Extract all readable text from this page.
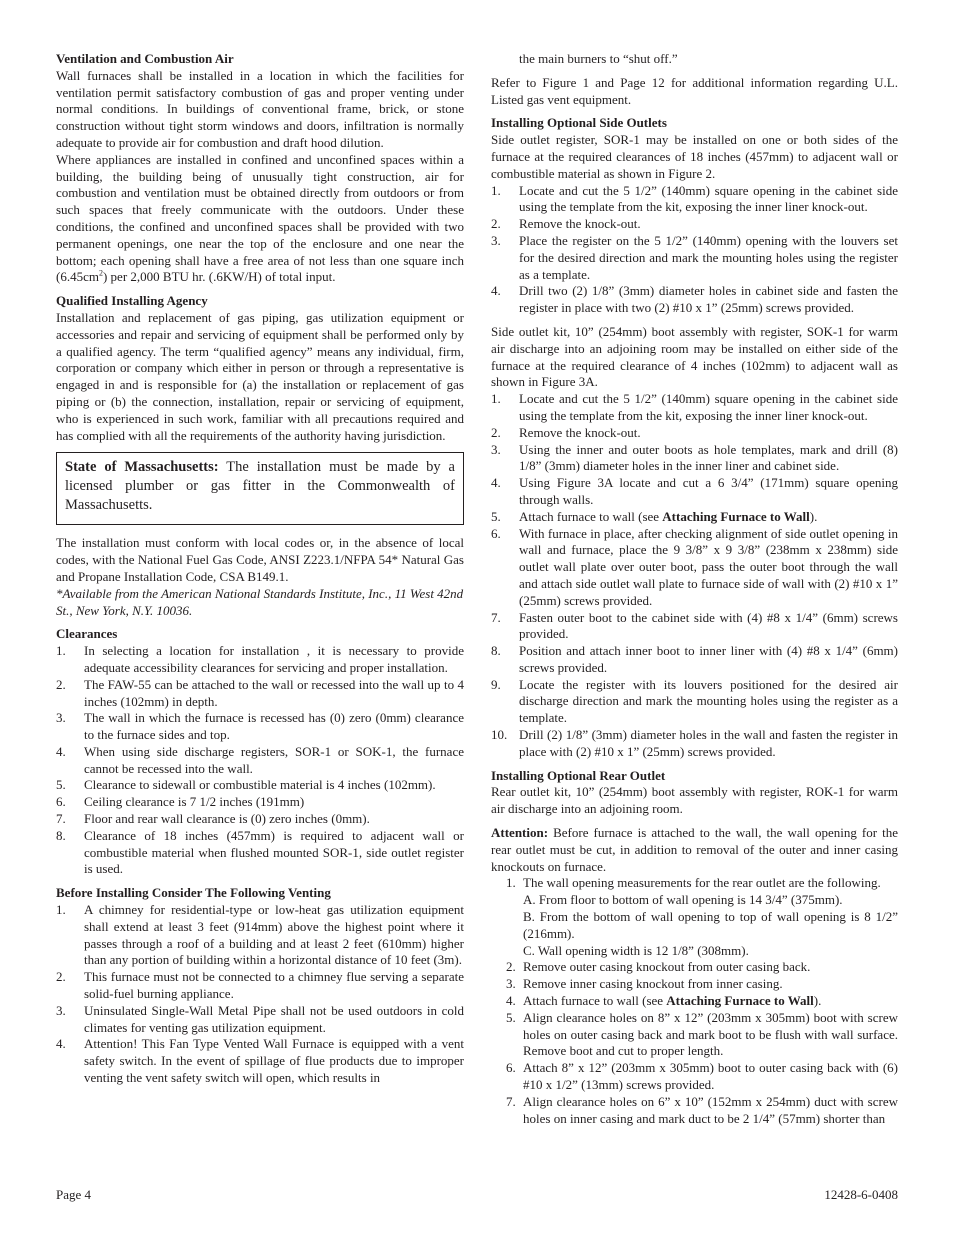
Ventilation and Combustion Air

Wall furnaces shall be installed in a location in which the facilities for ventilation permit satisfactory combustion of gas and proper venting under normal conditions. In buildings of conventional frame, brick, or stone construction without tight storm windows and doors, infiltration is normally adequate to provide air for combustion and draft hood dilution.

Where appliances are installed in confined and unconfined spaces within a building, the building being of unusually tight construction, air for combustion and ventilation must be obtained directly from outdoors or from such spaces that freely communicate with the outdoors. Under these conditions, the confined and unconfined spaces shall be provided with two permanent openings, one near the top of the enclosure and one near the bottom; each opening shall have a free area of not less than one square inch $(6.45cm^2)$ per 2,000 BTU hr. (.6KW/H) of total input.

Qualified Installing Agency

Installation and replacement of gas piping, gas utilization equipment or accessories and repair and servicing of equipment shall be performed only by a qualified agency. The term “qualified agency” means any individual, firm, corporation or company which either in person or through a representative is engaged in and is responsible for (a) the installation or replacement of gas piping or (b) the connection, installation, repair or servicing of equipment, who is experienced in such work, familiar with all precautions required and has complied with all the requirements of the authority having jurisdiction.

State of Massachusetts: The installation must be made by a licensed plumber or gas fitter in the Commonwealth of Massachusetts.

The installation must conform with local codes or, in the absence of local codes, with the National Fuel Gas Code, ANSI Z223.1/NFPA 54* Natural Gas and Propane Installation Code, CSA B149.1.

*Available from the American National Standards Institute, Inc., 11 West 42nd St., New York, N.Y. 10036.

Clearances

1. In selecting a location for installation , it is necessary to provide adequate accessibility clearances for servicing and proper installation.
2. The FAW-55 can be attached to the wall or recessed into the wall up to 4 inches (102mm) in depth.
3. The wall in which the furnace is recessed has (0) zero (0mm) clearance to the furnace sides and top.
4. When using side discharge registers, SOR-1 or SOK-1, the furnace cannot be recessed into the wall.
5. Clearance to sidewall or combustible material is 4 inches (102mm).
6. Ceiling clearance is 7 1/2 inches (191mm)
7. Floor and rear wall clearance is (0) zero inches (0mm).
8. Clearance of 18 inches (457mm) is required to adjacent wall or combustible material when flushed mounted SOR-1, side outlet register is used.

Before Installing Consider The Following Venting

1. A chimney for residential-type or low-heat gas utilization equipment shall extend at least 3 feet (914mm) above the highest point where it passes through a roof of a building and at least 2 feet (610mm) higher than any portion of building within a horizontal distance of 10 feet (3m).
2. This furnace must not be connected to a chimney flue serving a separate solid-fuel burning appliance.
3. Uninsulated Single-Wall Metal Pipe shall not be used outdoors in cold climates for venting gas utilization equipment.
4. Attention! This Fan Type Vented Wall Furnace is equipped with a vent safety switch. In the event of spillage of flue products due to improper venting the vent safety switch will open, which results in

the main burners to “shut off.”

Refer to Figure 1 and Page 12 for additional information regarding U.L. Listed gas vent equipment.

Installing Optional Side Outlets

Side outlet register, SOR-1 may be installed on one or both sides of the furnace at the required clearances of 18 inches (457mm) to adjacent wall or combustible material as shown in Figure 2.

1. Locate and cut the 5 1/2” (140mm) square opening in the cabinet side using the template from the kit, exposing the inner liner knock-out.
2. Remove the knock-out.
3. Place the register on the 5 1/2” (140mm) opening with the louvers set for the desired direction and mark the mounting holes using the register as a template.
4. Drill two (2) 1/8” (3mm) diameter holes in cabinet side and fasten the register in place with two (2) #10 x 1” (25mm) screws provided.

Side outlet kit, 10” (254mm) boot assembly with register, SOK-1 for warm air discharge into an adjoining room may be installed on either side of the furnace at the required clearance of 4 inches (102mm) to adjacent wall as shown in Figure 3A.

1. Locate and cut the 5 1/2” (140mm) square opening in the cabinet side using the template from the kit, exposing the inner liner knock-out.
2. Remove the knock-out.
3. Using the inner and outer boots as hole templates, mark and drill (8) 1/8” (3mm) diameter holes in the inner liner and cabinet side.
4. Using Figure 3A locate and cut a 6 3/4” (171mm) square opening through walls.
5. Attach furnace to wall (see Attaching Furnace to Wall).
6. With furnace in place, after checking alignment of side outlet opening in wall and furnace, place the 9 3/8” x 9 3/8” (238mm x 238mm) side outlet wall plate over outer boot, pass the outer boot through the wall and attach side outlet wall plate to furnace side of wall with (2) #10 x 1” (25mm) screws provided.
7. Fasten outer boot to the cabinet side with (4) #8 x 1/4” (6mm) screws provided.
8. Position and attach inner boot to inner liner with (4) #8 x 1/4” (6mm) screws provided.
9. Locate the register with its louvers positioned for the desired air discharge direction and mark the mounting holes using the register as a template.
10. Drill (2) 1/8” (3mm) diameter holes in the wall and fasten the register in place with (2) #10 x 1” (25mm) screws provided.

Installing Optional Rear Outlet

Rear outlet kit, 10” (254mm) boot assembly with register, ROK-1 for warm air discharge into an adjoining room.

Attention: Before furnace is attached to the wall, the wall opening for the rear outlet must be cut, in addition to removal of the outer and inner casing knockouts on furnace.

1. The wall opening measurements for the rear outlet are the following.
A. From floor to bottom of wall opening is 14 3/4” (375mm).
B. From the bottom of wall opening to top of wall opening is 8 1/2” (216mm).
C. Wall opening width is 12 1/8” (308mm).
2. Remove outer casing knockout from outer casing back.
3. Remove inner casing knockout from inner casing.
4. Attach furnace to wall (see Attaching Furnace to Wall).
5. Align clearance holes on 8” x 12” (203mm x 305mm) boot with screw holes on outer casing back and mark boot to be flush with wall surface. Remove boot and cut to proper length.
6. Attach 8” x 12” (203mm x 305mm) boot to outer casing back with (6) #10 x 1/2” (13mm) screws provided.
7. Align clearance holes on 6” x 10” (152mm x 254mm) duct with screw holes on inner casing and mark duct to be 2 1/4” (57mm) shorter than
Page 4	12428-6-0408
